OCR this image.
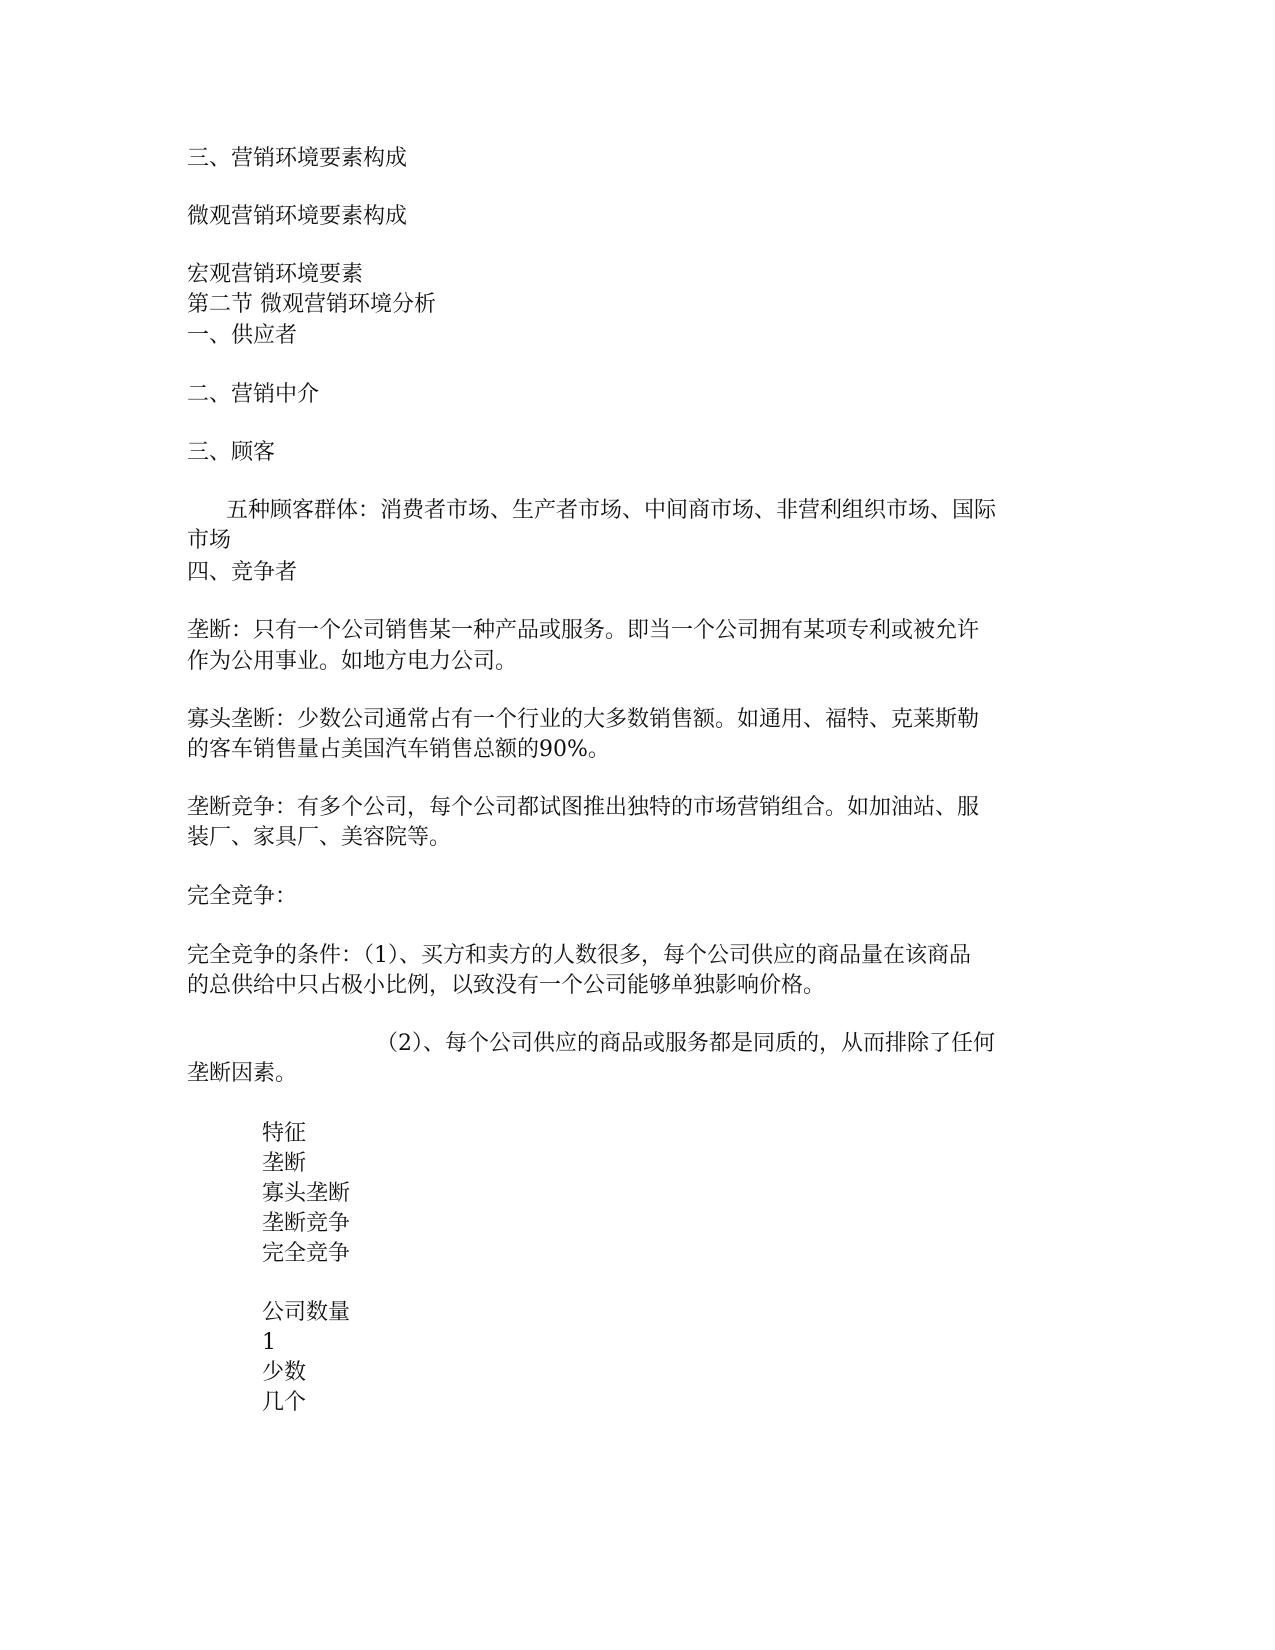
三、营销环境要素构成
微观营销环境要素构成
宏观营销环境要素
第二节 微观营销环境分析
一、供应者
二、营销中介
三、顾客
五种顾客群体：消费者市场、生产者市场、中间商市场、非营利组织市场、国际
市场
四、竞争者
垄断：只有一个公司销售某一种产品或服务。即当一个公司拥有某项专利或被允许
作为公用事业。如地方电力公司。
寡头垄断：少数公司通常占有一个行业的大多数销售额。如通用、福特、克莱斯勒
的客车销售量占美国汽车销售总额的90%。
垄断竞争：有多个公司，每个公司都试图推出独特的市场营销组合。如加油站、服
装厂、家具厂、美容院等。
完全竞争：
完全竞争的条件：（1）、买方和卖方的人数很多，每个公司供应的商品量在该商品
的总供给中只占极小比例，以致没有一个公司能够单独影响价格。
（2）、每个公司供应的商品或服务都是同质的，从而排除了任何
垄断因素。
特征
垄断
寡头垄断
垄断竞争
完全竞争
公司数量
1
少数
几个
